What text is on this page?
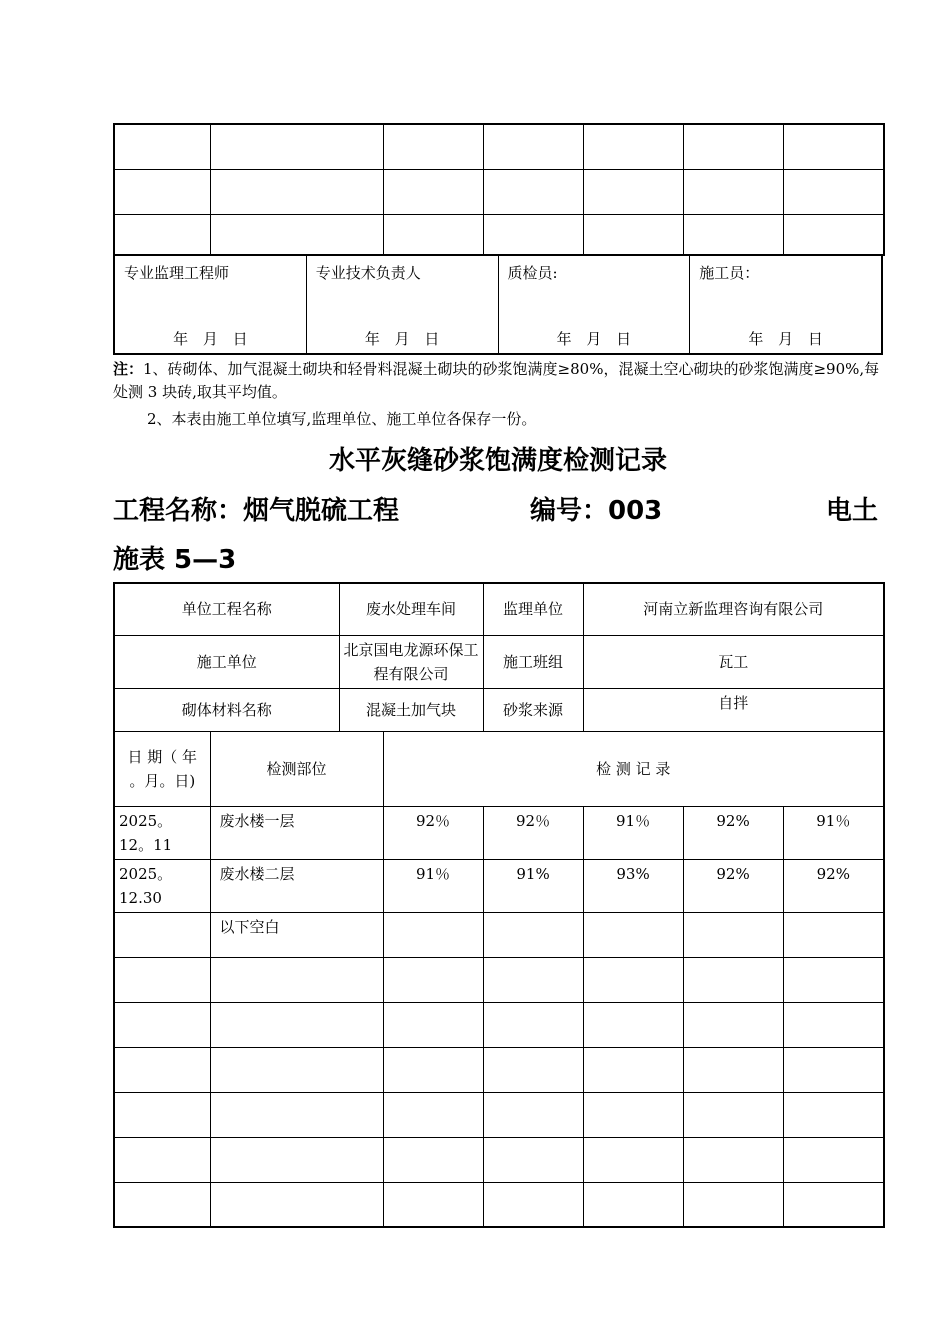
专业监理工程师
年 月 日
专业技术负责人
年 月 日
质检员:
年 月 日
施工员：
年 月 日
注：1、砖砌体、加气混凝土砌块和轻骨料混凝土砌块的砂浆饱满度≥80%，混凝土空心砌块的砂浆饱满度≥90%,每处测 3 块砖,取其平均值。
2、本表由施工单位填写,监理单位、施工单位各保存一份。
水平灰缝砂浆饱满度检测记录
工程名称：烟气脱硫工程	编号：003	电土
施表 5—3
单位工程名称		废水处理车间		监理单位	河南立新监理咨询有限公司		
施工单位		北京国电龙源环保工程有限公司		施工班组	瓦工		
砌体材料名称		混凝土加气块		砂浆来源	自拌		
日 期（ 年 。月。日)	检测部位		检 测 记 录				
2025。12。11	废水楼一层		92％	92％	91％	92%	91％
2025。12.30	废水楼二层		91％	91%	93%	92%	92%
	以下空白						
